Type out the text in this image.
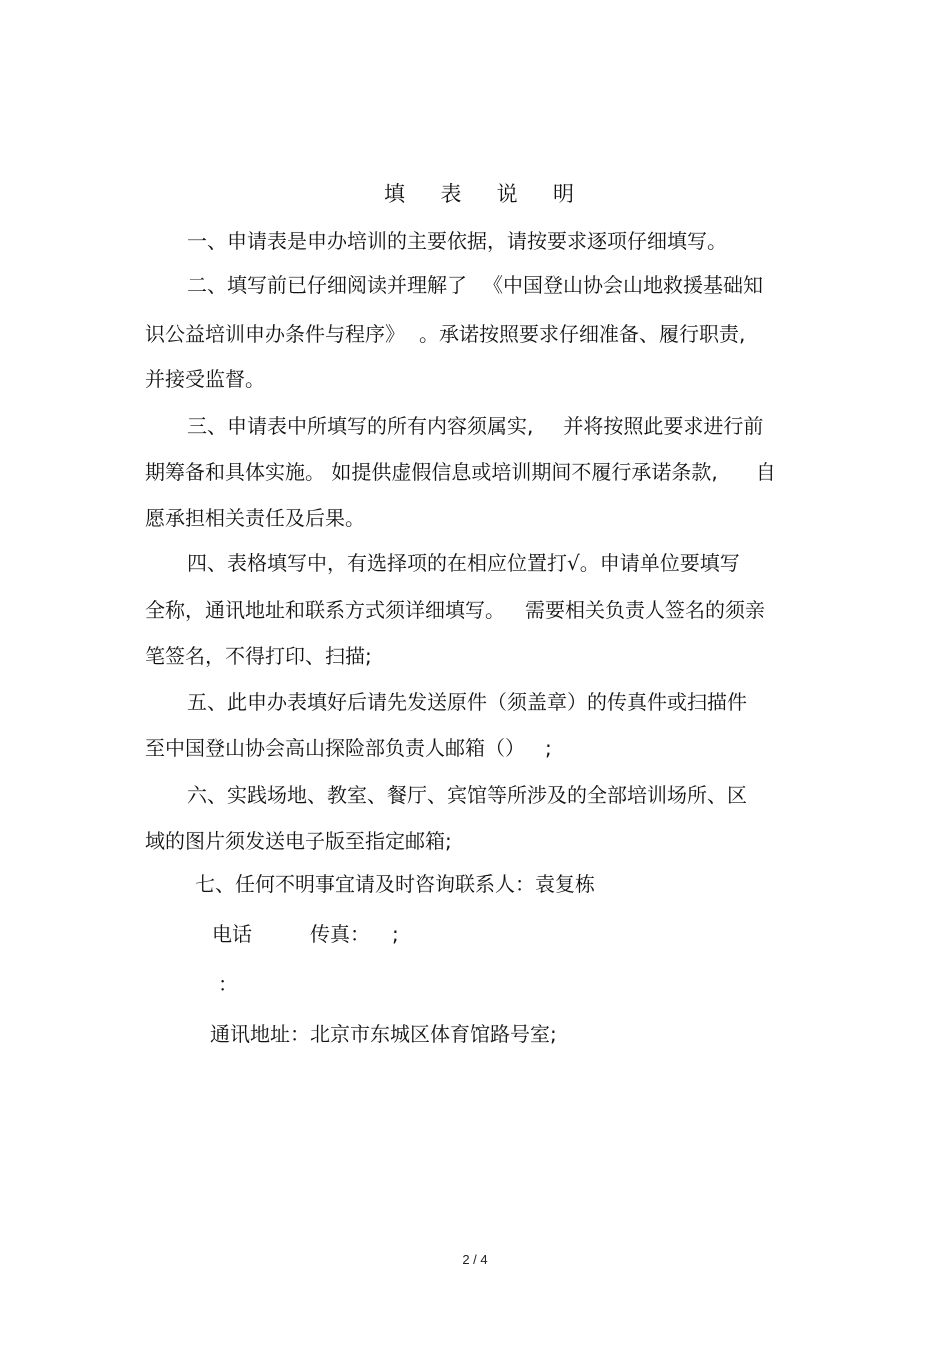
填 表 说 明
一、申请表是申办培训的主要依据，请按要求逐项仔细填写。
二、填写前已仔细阅读并理解了 《中国登山协会山地救援基础知
识公益培训申办条件与程序》 。承诺按照要求仔细准备、履行职责,
并接受监督。
三、申请表中所填写的所有内容须属实, 并将按照此要求进行前
期筹备和具体实施。 如提供虚假信息或培训期间不履行承诺条款, 自
愿承担相关责任及后果。
四、表格填写中，有选择项的在相应位置打√。申请单位要填写
全称，通讯地址和联系方式须详细填写。 需要相关负责人签名的须亲
笔签名，不得打印、扫描;
五、此申办表填好后请先发送原件（须盖章）的传真件或扫描件
至中国登山协会高山探险部负责人邮箱（） ;
六、实践场地、教室、餐厅、宾馆等所涉及的全部培训场所、区
域的图片须发送电子版至指定邮箱;
七、任何不明事宜请及时咨询联系人：袁复栋
电话	传真： ;
：
通讯地址：北京市东城区体育馆路号室;
2 / 4
